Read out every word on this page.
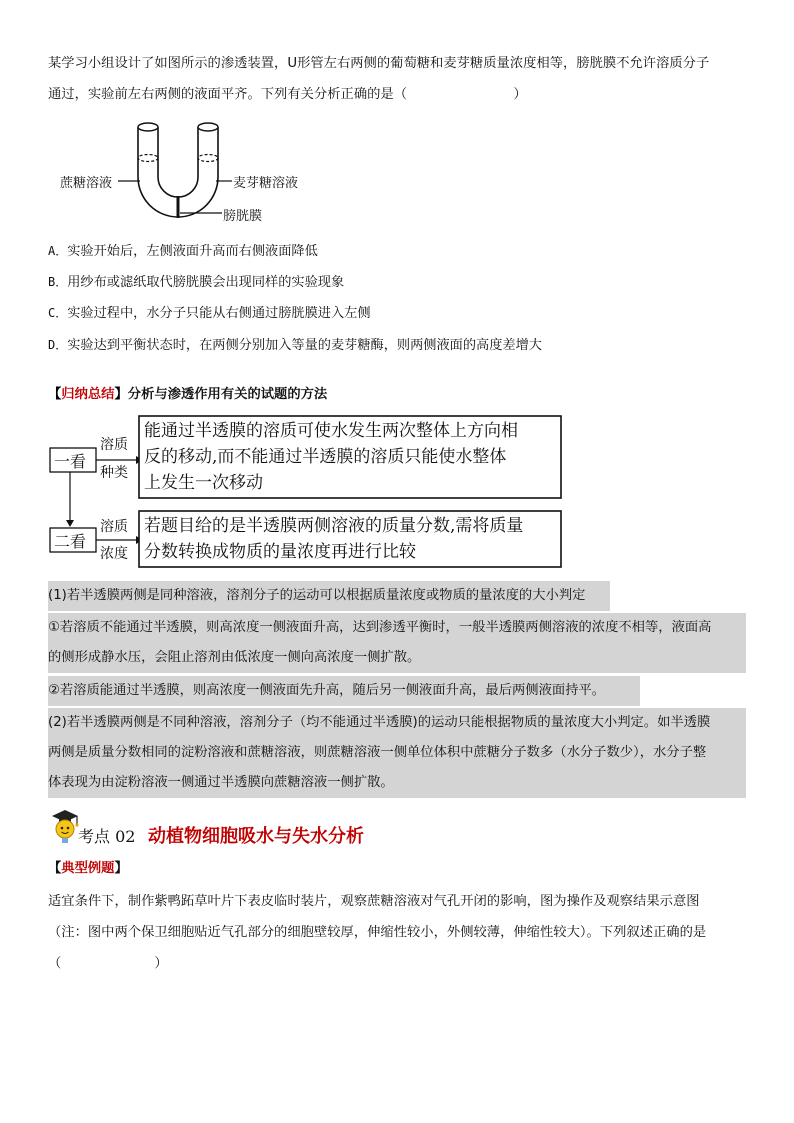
某学习小组设计了如图所示的渗透装置，U形管左右两侧的葡萄糖和麦芽糖质量浓度相等，膀胱膜不允许溶质分子

通过，实验前左右两侧的液面平齐。下列有关分析正确的是（　　　　　　　　）

蔗糖溶液	麦芽糖溶液
膀胱膜

A．实验开始后，左侧液面升高而右侧液面降低

B．用纱布或滤纸取代膀胱膜会出现同样的实验现象

C．实验过程中，水分子只能从右侧通过膀胱膜进入左侧

D．实验达到平衡状态时，在两侧分别加入等量的麦芽糖酶，则两侧液面的高度差增大

【归纳总结】分析与渗透作用有关的试题的方法
一看
溶质
种类
能通过半透膜的溶质可使水发生两次整体上方向相
反的移动,而不能通过半透膜的溶质只能使水整体
上发生一次移动
二看
溶质
浓度
若题目给的是半透膜两侧溶液的质量分数,需将质量
分数转换成物质的量浓度再进行比较
(1)若半透膜两侧是同种溶液，溶剂分子的运动可以根据质量浓度或物质的量浓度的大小判定
①若溶质不能通过半透膜，则高浓度一侧液面升高，达到渗透平衡时，一般半透膜两侧溶液的浓度不相等，液面高
的侧形成静水压，会阻止溶剂由低浓度一侧向高浓度一侧扩散。
②若溶质能通过半透膜，则高浓度一侧液面先升高，随后另一侧液面升高，最后两侧液面持平。
(2)若半透膜两侧是不同种溶液，溶剂分子（均不能通过半透膜)的运动只能根据物质的量浓度大小判定。如半透膜
两侧是质量分数相同的淀粉溶液和蔗糖溶液，则蔗糖溶液一侧单位体积中蔗糖分子数多（水分子数少），水分子整
体表现为由淀粉溶液一侧通过半透膜向蔗糖溶液一侧扩散。
考点 02 动植物细胞吸水与失水分析
【典型例题】

适宜条件下，制作紫鸭跖草叶片下表皮临时装片，观察蔗糖溶液对气孔开闭的影响，图为操作及观察结果示意图

（注：图中两个保卫细胞贴近气孔部分的细胞壁较厚，伸缩性较小，外侧较薄，伸缩性较大）。下列叙述正确的是

（　　　　　　　）
